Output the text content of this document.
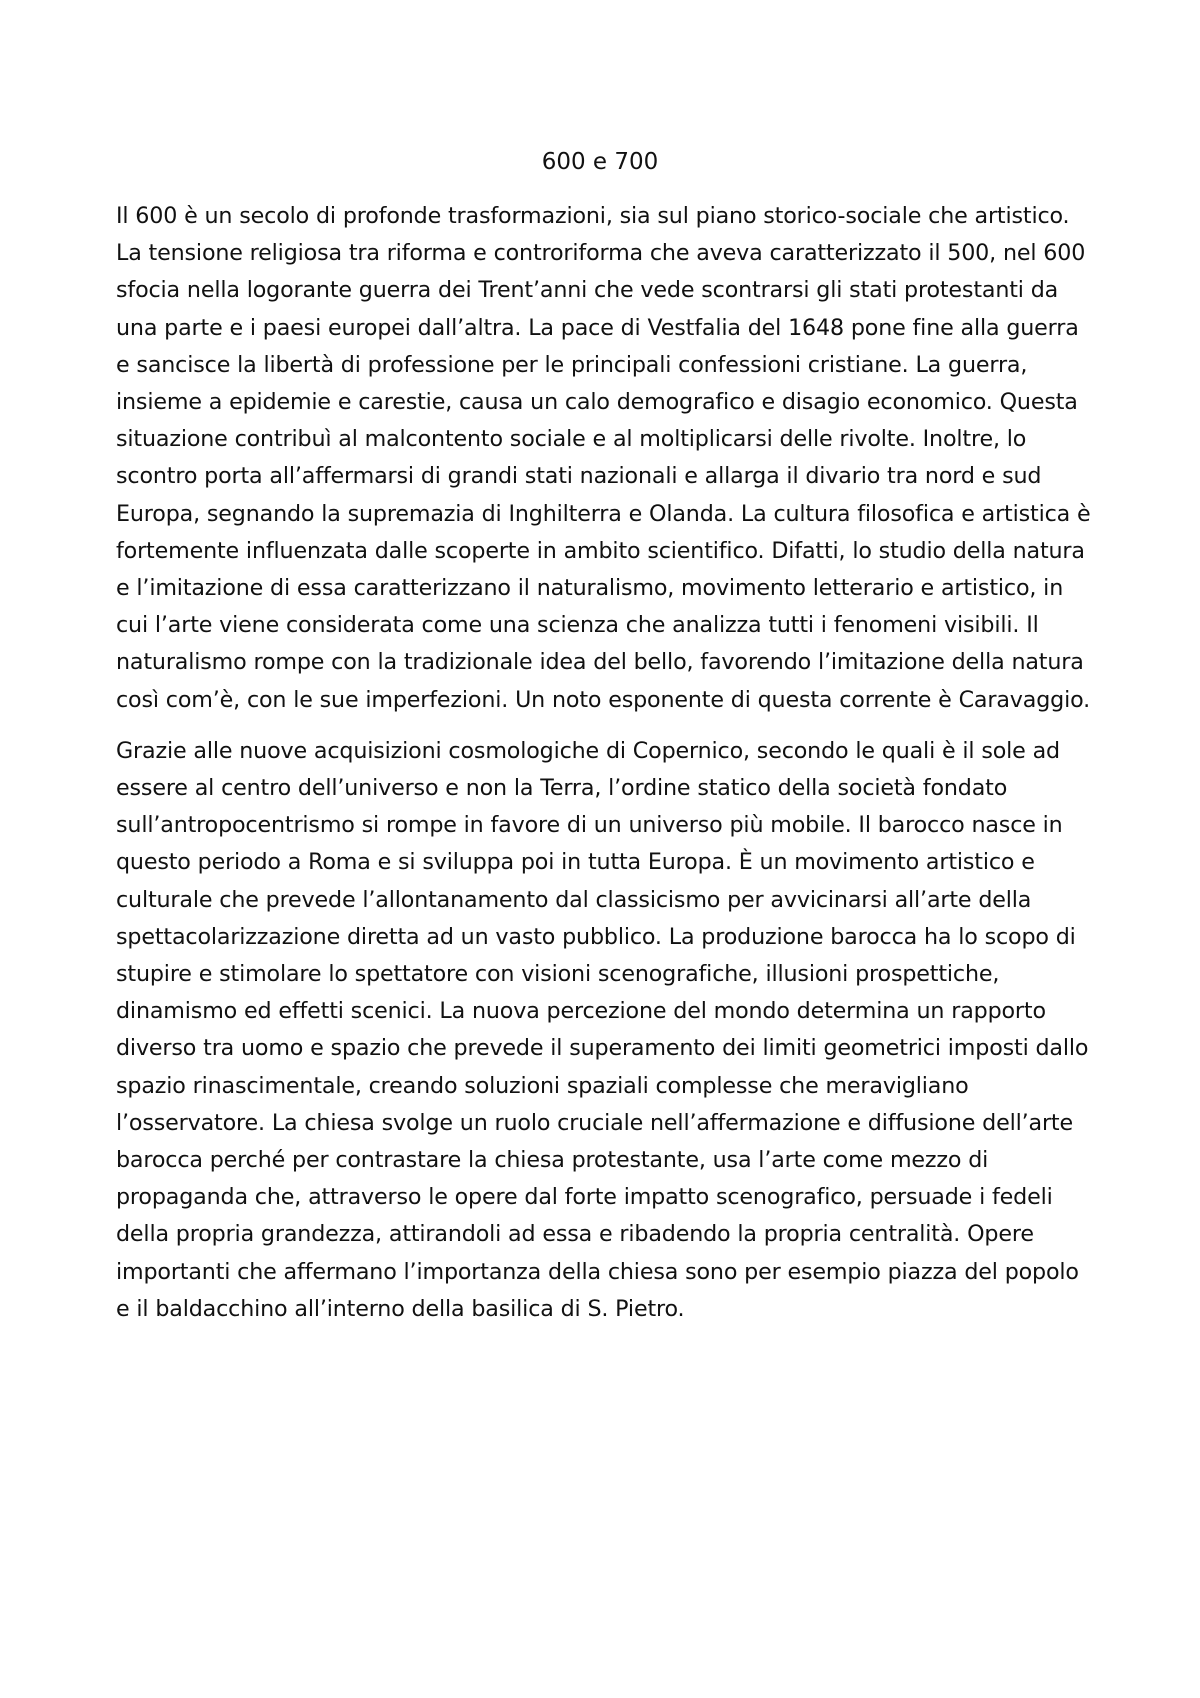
600 e 700

Il 600 è un secolo di profonde trasformazioni, sia sul piano storico-sociale che artistico. La tensione religiosa tra riforma e controriforma che aveva caratterizzato il 500, nel 600 sfocia nella logorante guerra dei Trent’anni che vede scontrarsi gli stati protestanti da una parte e i paesi europei dall’altra. La pace di Vestfalia del 1648 pone fine alla guerra e sancisce la libertà di professione per le principali confessioni cristiane. La guerra, insieme a epidemie e carestie, causa un calo demografico e disagio economico. Questa situazione contribuì al malcontento sociale e al moltiplicarsi delle rivolte. Inoltre, lo scontro porta all’affermarsi di grandi stati nazionali e allarga il divario tra nord e sud Europa, segnando la supremazia di Inghilterra e Olanda. La cultura filosofica e artistica è fortemente influenzata dalle scoperte in ambito scientifico. Difatti, lo studio della natura e l’imitazione di essa caratterizzano il naturalismo, movimento letterario e artistico, in cui l’arte viene considerata come una scienza che analizza tutti i fenomeni visibili. Il naturalismo rompe con la tradizionale idea del bello, favorendo l’imitazione della natura così com’è, con le sue imperfezioni. Un noto esponente di questa corrente è Caravaggio.

Grazie alle nuove acquisizioni cosmologiche di Copernico, secondo le quali è il sole ad essere al centro dell’universo e non la Terra, l’ordine statico della società fondato sull’antropocentrismo si rompe in favore di un universo più mobile. Il barocco nasce in questo periodo a Roma e si sviluppa poi in tutta Europa. È un movimento artistico e culturale che prevede l’allontanamento dal classicismo per avvicinarsi all’arte della spettacolarizzazione diretta ad un vasto pubblico. La produzione barocca ha lo scopo di stupire e stimolare lo spettatore con visioni scenografiche, illusioni prospettiche, dinamismo ed effetti scenici. La nuova percezione del mondo determina un rapporto diverso tra uomo e spazio che prevede il superamento dei limiti geometrici imposti dallo spazio rinascimentale, creando soluzioni spaziali complesse che meravigliano l’osservatore. La chiesa svolge un ruolo cruciale nell’affermazione e diffusione dell’arte barocca perché per contrastare la chiesa protestante, usa l’arte come mezzo di propaganda che, attraverso le opere dal forte impatto scenografico, persuade i fedeli della propria grandezza, attirandoli ad essa e ribadendo la propria centralità. Opere importanti che affermano l’importanza della chiesa sono per esempio piazza del popolo e il baldacchino all’interno della basilica di S. Pietro.
